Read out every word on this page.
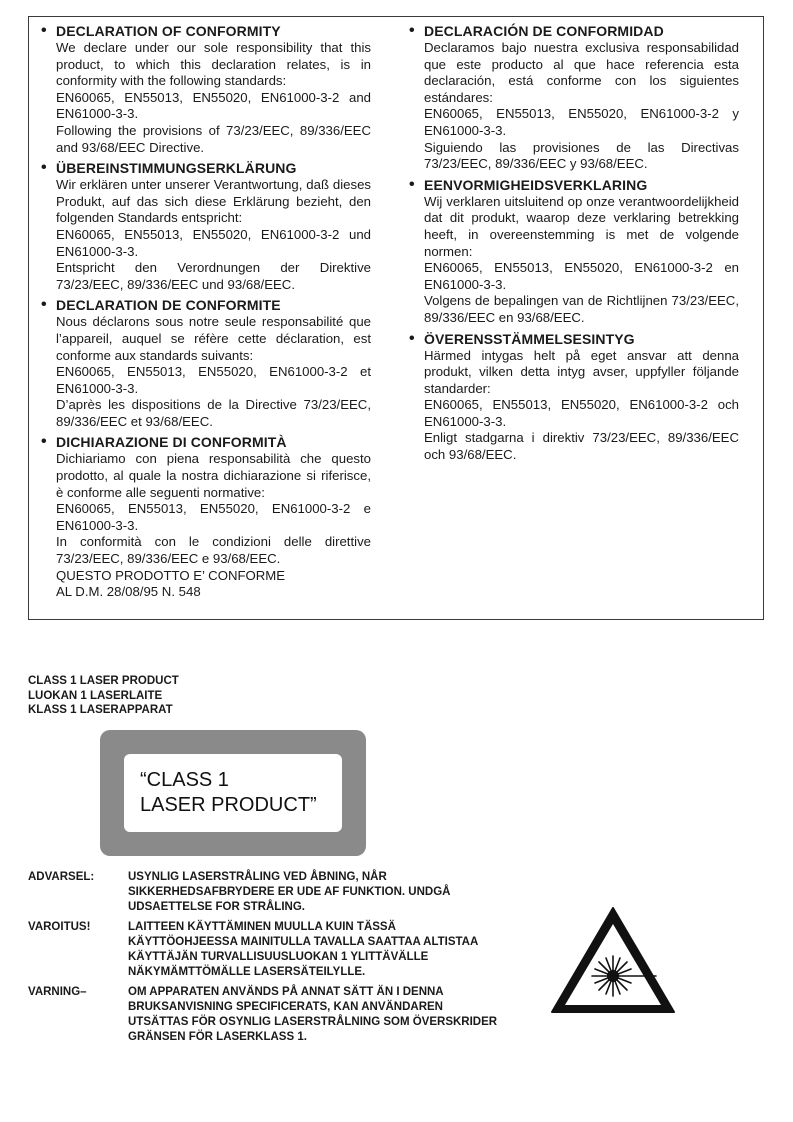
• DECLARATION OF CONFORMITY

We declare under our sole responsibility that this product, to which this declaration relates, is in conformity with the following standards:

EN60065, EN55013, EN55020, EN61000-3-2 and EN61000-3-3.

Following the provisions of 73/23/EEC, 89/336/EEC and 93/68/EEC Directive.

• ÜBEREINSTIMMUNGSERKLÄRUNG

Wir erklären unter unserer Verantwortung, daß dieses Produkt, auf das sich diese Erklärung bezieht, den folgenden Standards entspricht:

EN60065, EN55013, EN55020, EN61000-3-2 und EN61000-3-3.

Entspricht den Verordnungen der Direktive 73/23/EEC, 89/336/EEC und 93/68/EEC.

• DECLARATION DE CONFORMITE

Nous déclarons sous notre seule responsabilité que l’appareil, auquel se réfère cette déclaration, est conforme aux standards suivants:

EN60065, EN55013, EN55020, EN61000-3-2 et EN61000-3-3.

D’après les dispositions de la Directive 73/23/EEC, 89/336/EEC et 93/68/EEC.

• DICHIARAZIONE DI CONFORMITÀ

Dichiariamo con piena responsabilità che questo prodotto, al quale la nostra dichiarazione si riferisce, è conforme alle seguenti normative:

EN60065, EN55013, EN55020, EN61000-3-2 e EN61000-3-3.

In conformità con le condizioni delle direttive 73/23/EEC, 89/336/EEC e 93/68/EEC.

QUESTO PRODOTTO E’ CONFORME

AL D.M. 28/08/95 N. 548

• DECLARACIÓN DE CONFORMIDAD

Declaramos bajo nuestra exclusiva responsabilidad que este producto al que hace referencia esta declaración, está conforme con los siguientes estándares:

EN60065, EN55013, EN55020, EN61000-3-2 y EN61000-3-3.

Siguiendo las provisiones de las Directivas 73/23/EEC, 89/336/EEC y 93/68/EEC.

• EENVORMIGHEIDSVERKLARING

Wij verklaren uitsluitend op onze verantwoordelijkheid dat dit produkt, waarop deze verklaring betrekking heeft, in overeenstemming is met de volgende normen:

EN60065, EN55013, EN55020, EN61000-3-2 en EN61000-3-3.

Volgens de bepalingen van de Richtlijnen 73/23/EEC, 89/336/EEC en 93/68/EEC.

• ÖVERENSSTÄMMELSESINTYG

Härmed intygas helt på eget ansvar att denna produkt, vilken detta intyg avser, uppfyller följande standarder:

EN60065, EN55013, EN55020, EN61000-3-2 och EN61000-3-3.

Enligt stadgarna i direktiv 73/23/EEC, 89/336/EEC och 93/68/EEC.

CLASS 1 LASER PRODUCT
LUOKAN 1 LASERLAITE
KLASS 1 LASERAPPARAT
“CLASS 1
LASER PRODUCT”
ADVARSEL:	USYNLIG LASERSTRÅLING VED ÅBNING, NÅR SIKKERHEDSAFBRYDERE ER UDE AF FUNKTION. UNDGÅ UDSAETTELSE FOR STRÅLING.
VAROITUS!	LAITTEEN KÄYTTÄMINEN MUULLA KUIN TÄSSÄ KÄYTTÖOHJEESSA MAINITULLA TAVALLA SAATTAA ALTISTAA KÄYTTÄJÄN TURVALLISUUSLUOKAN 1 YLITTÄVÄLLE NÄKYMÄMTTÖMÄLLE LASERSÄTEILYLLE.
VARNING–	OM APPARATEN ANVÄNDS PÅ ANNAT SÄTT ÄN I DENNA BRUKSANVISNING SPECIFICERATS, KAN ANVÄNDAREN UTSÄTTAS FÖR OSYNLIG LASERSTRÅLNING SOM ÖVERSKRIDER GRÄNSEN FÖR LASERKLASS 1.
